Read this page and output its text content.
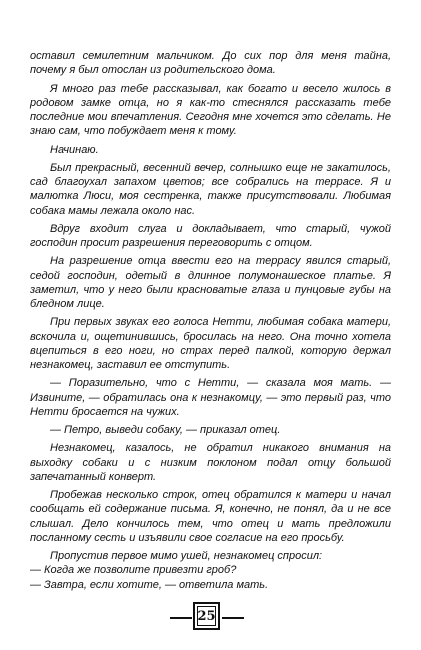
оставил семилетним мальчиком. До сих пор для меня тайна, почему я был отослан из родительского дома.

Я много раз тебе рассказывал, как богато и весело жилось в родовом замке отца, но я как-то стеснялся рассказать тебе последние мои впечатления. Сегодня мне хочется это сделать. Не знаю сам, что побуждает меня к тому.

Начинаю.

Был прекрасный, весенний вечер, солнышко еще не закатилось, сад благоухал запахом цветов; все собрались на террасе. Я и малютка Люси, моя сестренка, также присутствовали. Любимая собака мамы лежала около нас.

Вдруг входит слуга и докладывает, что старый, чужой господин просит разрешения переговорить с отцом.

На разрешение отца ввести его на террасу явился старый, седой господин, одетый в длинное полумонашеское платье. Я заметил, что у него были красноватые глаза и пунцовые губы на бледном лице.

При первых звуках его голоса Нетти, любимая собака матери, вскочила и, ощетинившись, бросилась на него. Она точно хотела вцепиться в его ноги, но страх перед палкой, которую держал незнакомец, заставил ее отступить.

— Поразительно, что с Нетти, — сказала моя мать. — Извините, — обратилась она к незнакомцу, — это первый раз, что Нетти бросается на чужих.

— Петро, выведи собаку, — приказал отец.

Незнакомец, казалось, не обратил никакого внимания на выходку собаки и с низким поклоном подал отцу большой запечатанный конверт.

Пробежав несколько строк, отец обратился к матери и начал сообщать ей содержание письма. Я, конечно, не понял, да и не все слышал. Дело кончилось тем, что отец и мать предложили посланному сесть и изъявили свое согласие на его просьбу.

Пропустив первое мимо ушей, незнакомец спросил:

— Когда же позволите привезти гроб?

— Завтра, если хотите, — ответила мать.

25
